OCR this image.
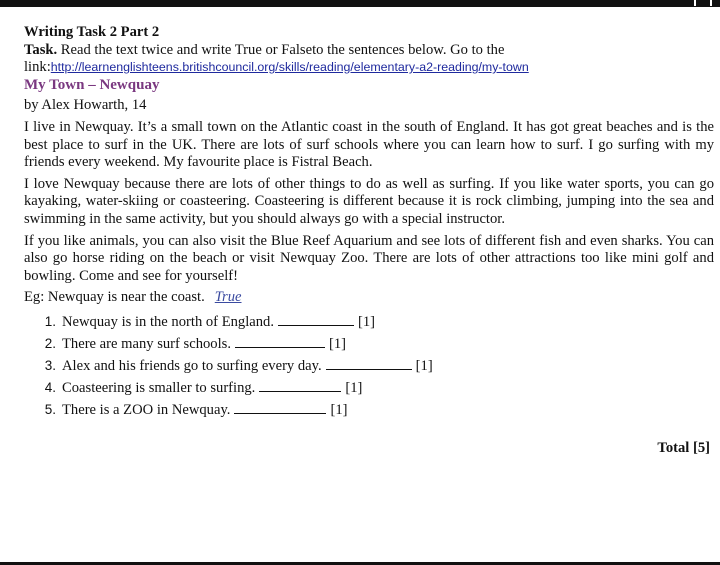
Writing Task 2 Part 2

Task. Read the text twice and write True or Falseto the sentences below. Go to the
link:http://learnenglishteens.britishcouncil.org/skills/reading/elementary-a2-reading/my-town

My Town – Newquay

by Alex Howarth, 14

I live in Newquay. It’s a small town on the Atlantic coast in the south of England. It has got great beaches and is the best place to surf in the UK. There are lots of surf schools where you can learn how to surf. I go surfing with my friends every weekend. My favourite place is Fistral Beach.

I love Newquay because there are lots of other things to do as well as surfing. If you like water sports, you can go kayaking, water-skiing or coasteering. Coasteering is different because it is rock climbing, jumping into the sea and swimming in the same activity, but you should always go with a special instructor.

If you like animals, you can also visit the Blue Reef Aquarium and see lots of different fish and even sharks. You can also go horse riding on the beach or visit Newquay Zoo. There are lots of other attractions too like mini golf and bowling. Come and see for yourself!

Eg: Newquay is near the coast. True

1. Newquay is in the north of England.	[1]
2. There are many surf schools.	[1]
3. Alex and his friends go to surfing every day.	[1]
4. Coasteering is smaller to surfing.	[1]
5. There is a ZOO in Newquay.	[1]
Total [5]
